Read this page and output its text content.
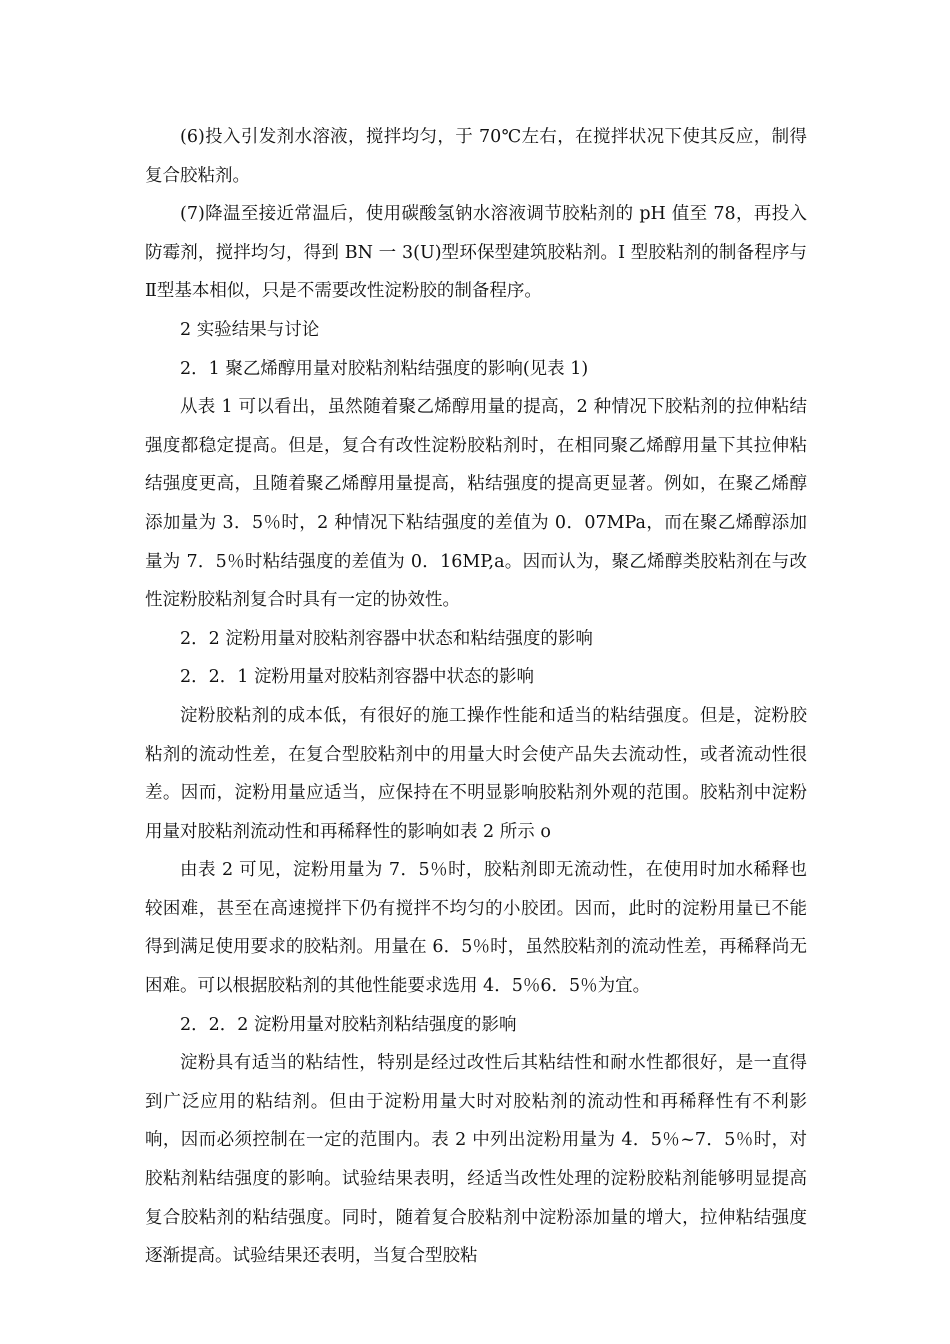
(6)投入引发剂水溶液，搅拌均匀，于 70℃左右，在搅拌状况下使其反应，制得复合胶粘剂。

(7)降温至接近常温后，使用碳酸氢钠水溶液调节胶粘剂的 pH 值至 78，再投入防霉剂，搅拌均匀，得到 BN 一 3(U)型环保型建筑胶粘剂。I 型胶粘剂的制备程序与Ⅱ型基本相似，只是不需要改性淀粉胶的制备程序。

2 实验结果与讨论

2．1 聚乙烯醇用量对胶粘剂粘结强度的影响(见表 1)

从表 1 可以看出，虽然随着聚乙烯醇用量的提高，2 种情况下胶粘剂的拉伸粘结强度都稳定提高。但是，复合有改性淀粉胶粘剂时，在相同聚乙烯醇用量下其拉伸粘结强度更高，且随着聚乙烯醇用量提高，粘结强度的提高更显著。例如，在聚乙烯醇添加量为 3．5％时，2 种情况下粘结强度的差值为 0．07MPa，而在聚乙烯醇添加量为 7．5％时粘结强度的差值为 0．16MP,a。因而认为，聚乙烯醇类胶粘剂在与改性淀粉胶粘剂复合时具有一定的协效性。

2．2 淀粉用量对胶粘剂容器中状态和粘结强度的影响

2．2．1 淀粉用量对胶粘剂容器中状态的影响

淀粉胶粘剂的成本低，有很好的施工操作性能和适当的粘结强度。但是，淀粉胶粘剂的流动性差，在复合型胶粘剂中的用量大时会使产品失去流动性，或者流动性很差。因而，淀粉用量应适当，应保持在不明显影响胶粘剂外观的范围。胶粘剂中淀粉用量对胶粘剂流动性和再稀释性的影响如表 2 所示 o

由表 2 可见，淀粉用量为 7．5％时，胶粘剂即无流动性，在使用时加水稀释也较困难，甚至在高速搅拌下仍有搅拌不均匀的小胶团。因而，此时的淀粉用量已不能得到满足使用要求的胶粘剂。用量在 6．5％时，虽然胶粘剂的流动性差，再稀释尚无困难。可以根据胶粘剂的其他性能要求选用 4．5％6．5％为宜。

2．2．2 淀粉用量对胶粘剂粘结强度的影响

淀粉具有适当的粘结性，特别是经过改性后其粘结性和耐水性都很好，是一直得到广泛应用的粘结剂。但由于淀粉用量大时对胶粘剂的流动性和再稀释性有不利影响，因而必须控制在一定的范围内。表 2 中列出淀粉用量为 4．5％~7．5％时，对胶粘剂粘结强度的影响。试验结果表明，经适当改性处理的淀粉胶粘剂能够明显提高复合胶粘剂的粘结强度。同时，随着复合胶粘剂中淀粉添加量的增大，拉伸粘结强度逐渐提高。试验结果还表明，当复合型胶粘
